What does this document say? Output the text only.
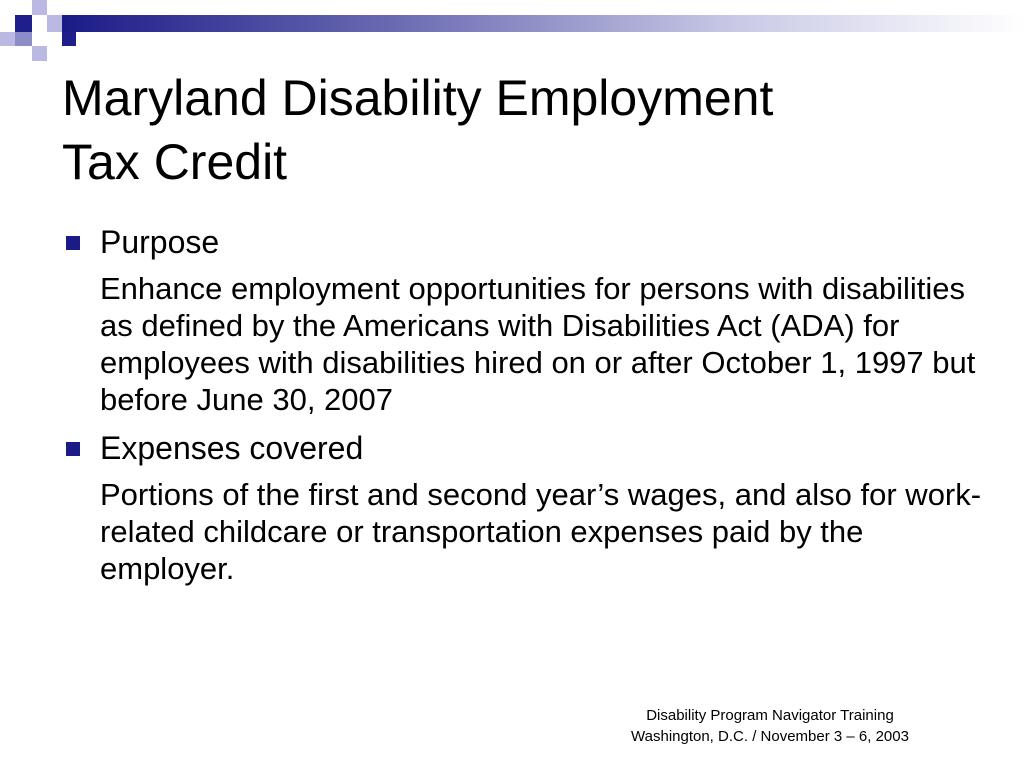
Maryland Disability Employment
Tax Credit

Purpose

Enhance employment opportunities for persons with disabilities as defined by the Americans with Disabilities Act (ADA) for employees with disabilities hired on or after October 1, 1997 but before June 30, 2007

Expenses covered

Portions of the first and second year’s wages, and also for work-related childcare or transportation expenses paid by the employer.

Disability Program Navigator Training
Washington, D.C. / November 3 – 6, 2003
